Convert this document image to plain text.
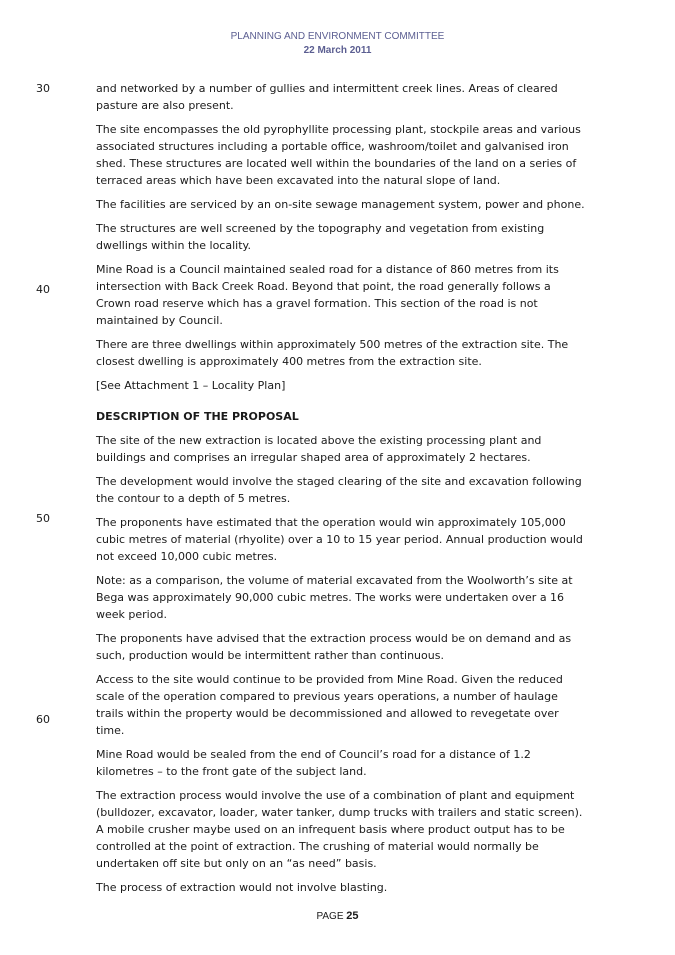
PLANNING AND ENVIRONMENT COMMITTEE
22 March 2011
30
40
50
60

and networked by a number of gullies and intermittent creek lines. Areas of cleared pasture are also present.

The site encompasses the old pyrophyllite processing plant, stockpile areas and various associated structures including a portable office, washroom/toilet and galvanised iron shed. These structures are located well within the boundaries of the land on a series of terraced areas which have been excavated into the natural slope of land.

The facilities are serviced by an on-site sewage management system, power and phone.

The structures are well screened by the topography and vegetation from existing dwellings within the locality.

Mine Road is a Council maintained sealed road for a distance of 860 metres from its intersection with Back Creek Road. Beyond that point, the road generally follows a Crown road reserve which has a gravel formation. This section of the road is not maintained by Council.

There are three dwellings within approximately 500 metres of the extraction site. The closest dwelling is approximately 400 metres from the extraction site.

[See Attachment 1 – Locality Plan]

DESCRIPTION OF THE PROPOSAL

The site of the new extraction is located above the existing processing plant and buildings and comprises an irregular shaped area of approximately 2 hectares.

The development would involve the staged clearing of the site and excavation following the contour to a depth of 5 metres.

The proponents have estimated that the operation would win approximately 105,000 cubic metres of material (rhyolite) over a 10 to 15 year period. Annual production would not exceed 10,000 cubic metres.

Note: as a comparison, the volume of material excavated from the Woolworth’s site at Bega was approximately 90,000 cubic metres. The works were undertaken over a 16 week period.

The proponents have advised that the extraction process would be on demand and as such, production would be intermittent rather than continuous.

Access to the site would continue to be provided from Mine Road. Given the reduced scale of the operation compared to previous years operations, a number of haulage trails within the property would be decommissioned and allowed to revegetate over time.

Mine Road would be sealed from the end of Council’s road for a distance of 1.2 kilometres – to the front gate of the subject land.

The extraction process would involve the use of a combination of plant and equipment (bulldozer, excavator, loader, water tanker, dump trucks with trailers and static screen). A mobile crusher maybe used on an infrequent basis where product output has to be controlled at the point of extraction. The crushing of material would normally be undertaken off site but only on an “as need” basis.

The process of extraction would not involve blasting.

PAGE 25
